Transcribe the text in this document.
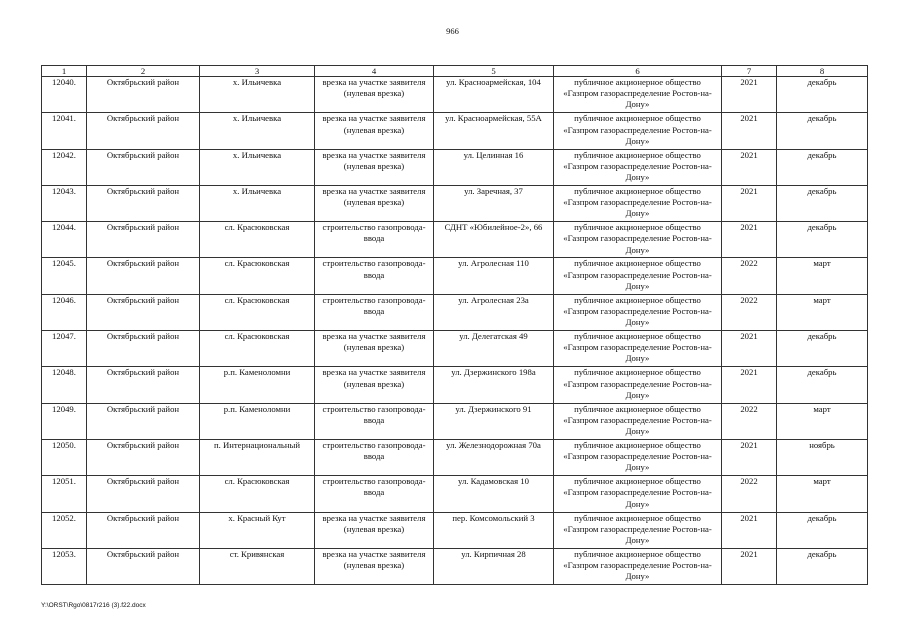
966
1	2	3	4	5	6	7	8
12040.	Октябрьский район	х. Ильичевка	врезка на участке заявителя (нулевая врезка)	ул. Красноармейская, 104	публичное акционерное общество «Газпром газораспределение Ростов-на-Дону»	2021	декабрь
12041.	Октябрьский район	х. Ильичевка	врезка на участке заявителя (нулевая врезка)	ул. Красноармейская, 55А	публичное акционерное общество «Газпром газораспределение Ростов-на-Дону»	2021	декабрь
12042.	Октябрьский район	х. Ильичевка	врезка на участке заявителя (нулевая врезка)	ул. Целинная 16	публичное акционерное общество «Газпром газораспределение Ростов-на-Дону»	2021	декабрь
12043.	Октябрьский район	х. Ильичевка	врезка на участке заявителя (нулевая врезка)	ул. Заречная, 37	публичное акционерное общество «Газпром газораспределение Ростов-на-Дону»	2021	декабрь
12044.	Октябрьский район	сл. Красюковская	строительство газопровода-ввода	СДНТ «Юбилейное-2», 66	публичное акционерное общество «Газпром газораспределение Ростов-на-Дону»	2021	декабрь
12045.	Октябрьский район	сл. Красюковская	строительство газопровода-ввода	ул. Агролесная 110	публичное акционерное общество «Газпром газораспределение Ростов-на-Дону»	2022	март
12046.	Октябрьский район	сл. Красюковская	строительство газопровода-ввода	ул. Агролесная 23а	публичное акционерное общество «Газпром газораспределение Ростов-на-Дону»	2022	март
12047.	Октябрьский район	сл. Красюковская	врезка на участке заявителя (нулевая врезка)	ул. Делегатская 49	публичное акционерное общество «Газпром газораспределение Ростов-на-Дону»	2021	декабрь
12048.	Октябрьский район	р.п. Каменоломни	врезка на участке заявителя (нулевая врезка)	ул. Дзержинского 198а	публичное акционерное общество «Газпром газораспределение Ростов-на-Дону»	2021	декабрь
12049.	Октябрьский район	р.п. Каменоломни	строительство газопровода-ввода	ул. Дзержинского 91	публичное акционерное общество «Газпром газораспределение Ростов-на-Дону»	2022	март
12050.	Октябрьский район	п. Интернациональный	строительство газопровода-ввода	ул. Железнодорожная 70а	публичное акционерное общество «Газпром газораспределение Ростов-на-Дону»	2021	ноябрь
12051.	Октябрьский район	сл. Красюковская	строительство газопровода-ввода	ул. Кадамовская 10	публичное акционерное общество «Газпром газораспределение Ростов-на-Дону»	2022	март
12052.	Октябрьский район	х. Красный Кут	врезка на участке заявителя (нулевая врезка)	пер. Комсомольский 3	публичное акционерное общество «Газпром газораспределение Ростов-на-Дону»	2021	декабрь
12053.	Октябрьский район	ст. Кривянская	врезка на участке заявителя (нулевая врезка)	ул. Кирпичная 28	публичное акционерное общество «Газпром газораспределение Ростов-на-Дону»	2021	декабрь
Y:\ORST\Rgo\0817r216 (3).f22.docx
